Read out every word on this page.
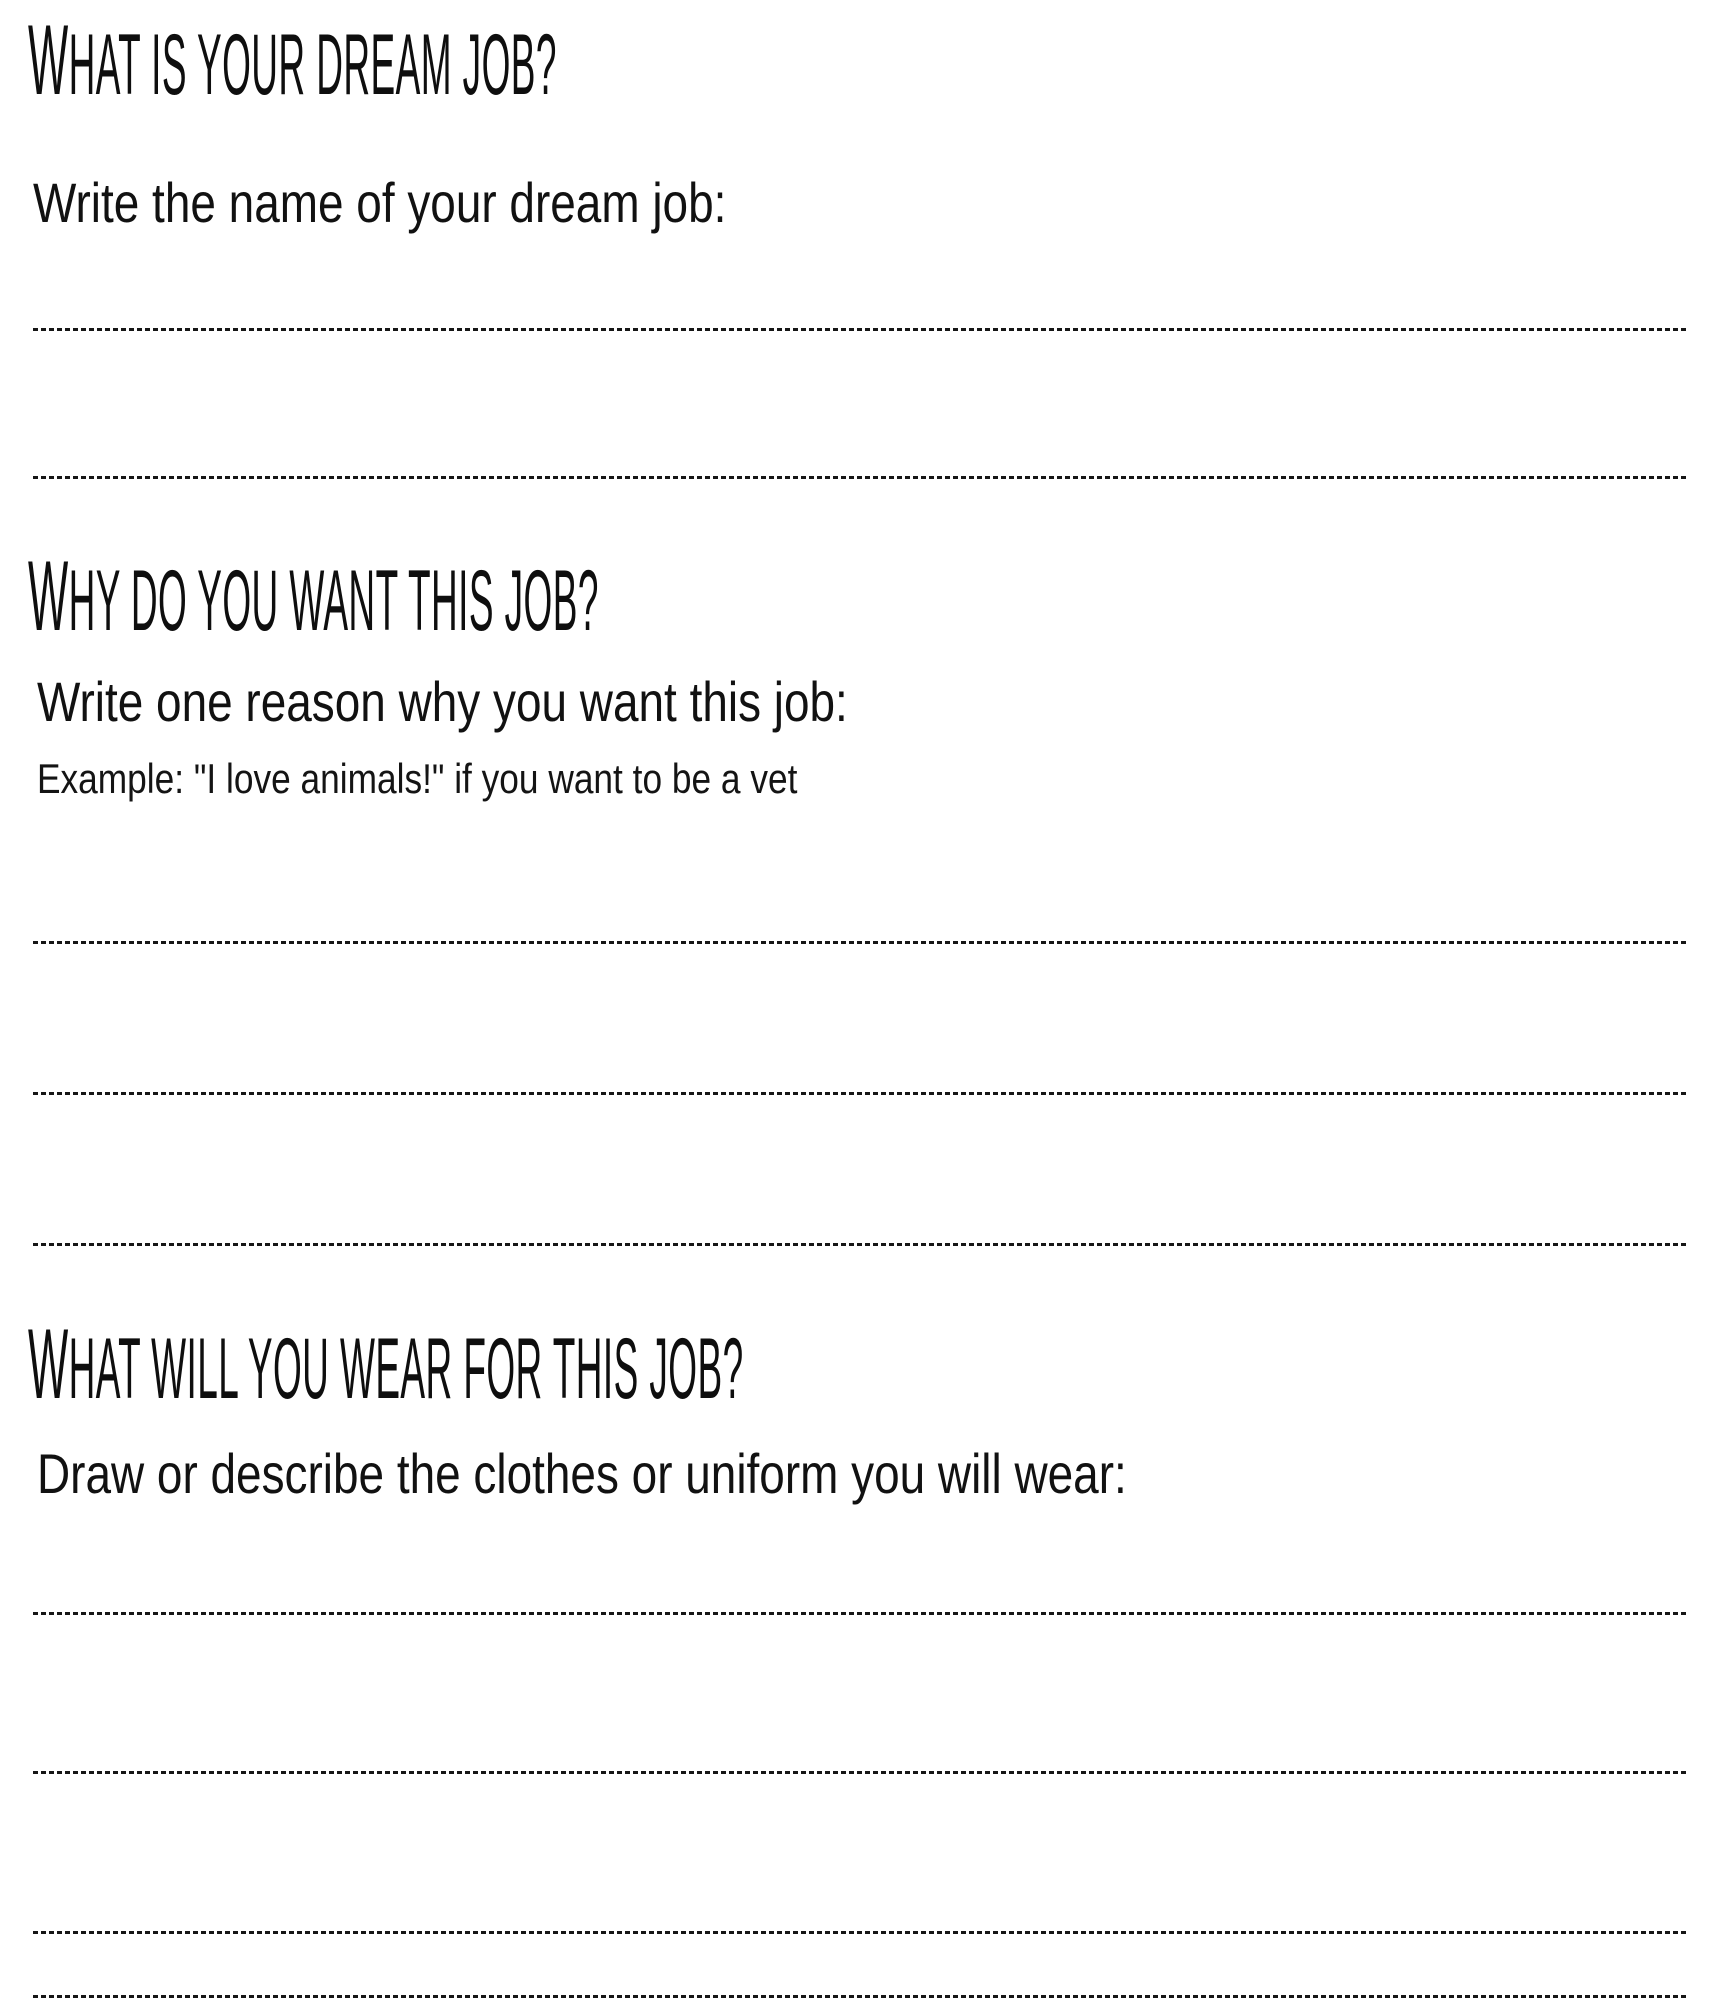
WHAT IS YOUR DREAM JOB?
Write the name of your dream job:
WHY DO YOU WANT THIS JOB?
Write one reason why you want this job:
Example: "I love animals!" if you want to be a vet
WHAT WILL YOU WEAR FOR THIS JOB?
Draw or describe the clothes or uniform you will wear:
